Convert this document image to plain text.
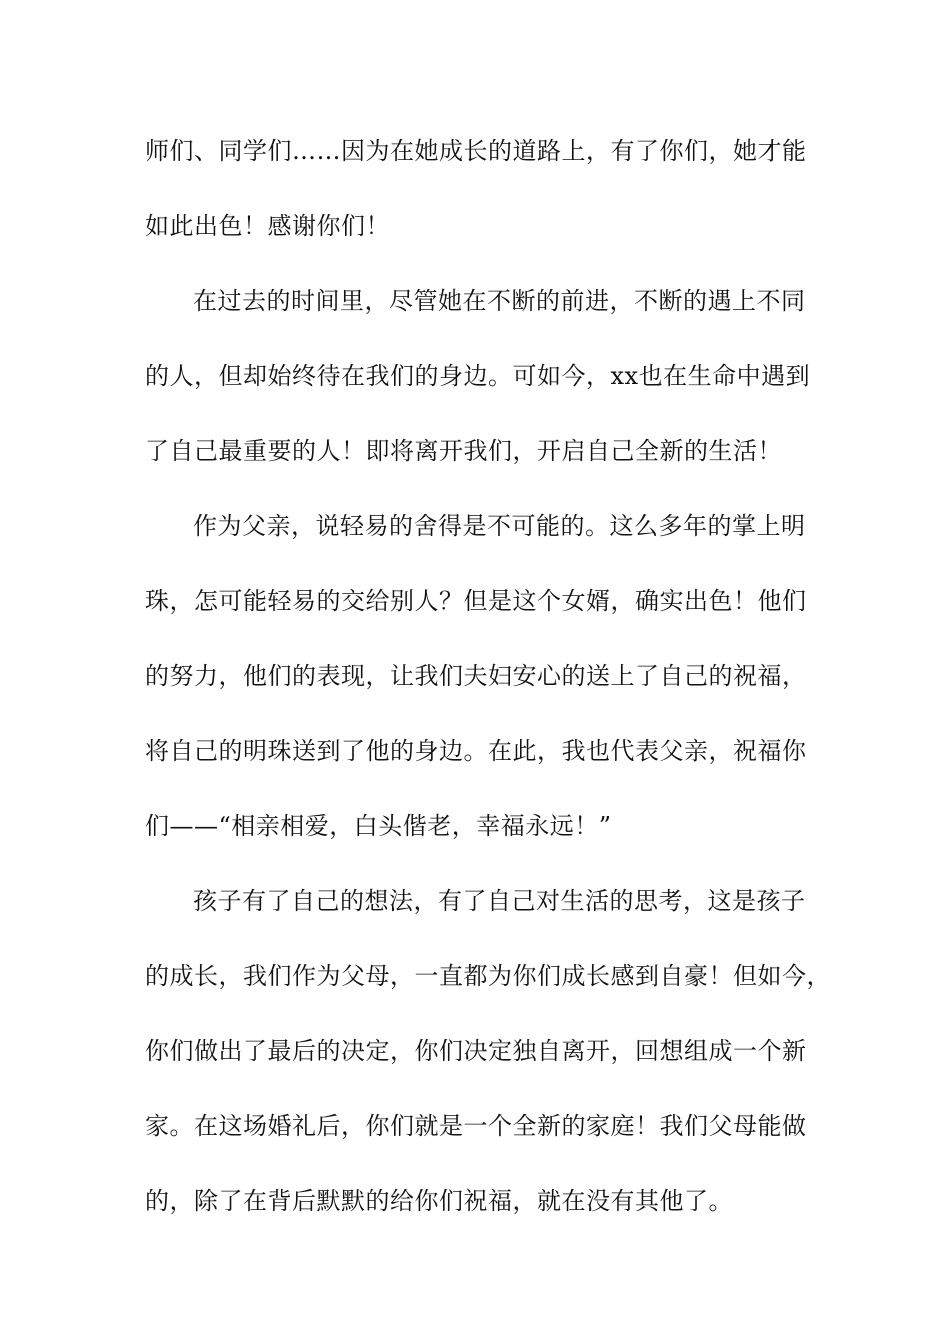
师们、同学们……因为在她成长的道路上，有了你们，她才能
如此出色！感谢你们！
在过去的时间里，尽管她在不断的前进，不断的遇上不同
的人，但却始终待在我们的身边。可如今，xx也在生命中遇到
了自己最重要的人！即将离开我们，开启自己全新的生活！
作为父亲，说轻易的舍得是不可能的。这么多年的掌上明
珠，怎可能轻易的交给别人？但是这个女婿，确实出色！他们
的努力，他们的表现，让我们夫妇安心的送上了自己的祝福，
将自己的明珠送到了他的身边。在此，我也代表父亲，祝福你
们——“相亲相爱，白头偕老，幸福永远！”
孩子有了自己的想法，有了自己对生活的思考，这是孩子
的成长，我们作为父母，一直都为你们成长感到自豪！但如今，
你们做出了最后的决定，你们决定独自离开，回想组成一个新
家。在这场婚礼后，你们就是一个全新的家庭！我们父母能做
的，除了在背后默默的给你们祝福，就在没有其他了。
